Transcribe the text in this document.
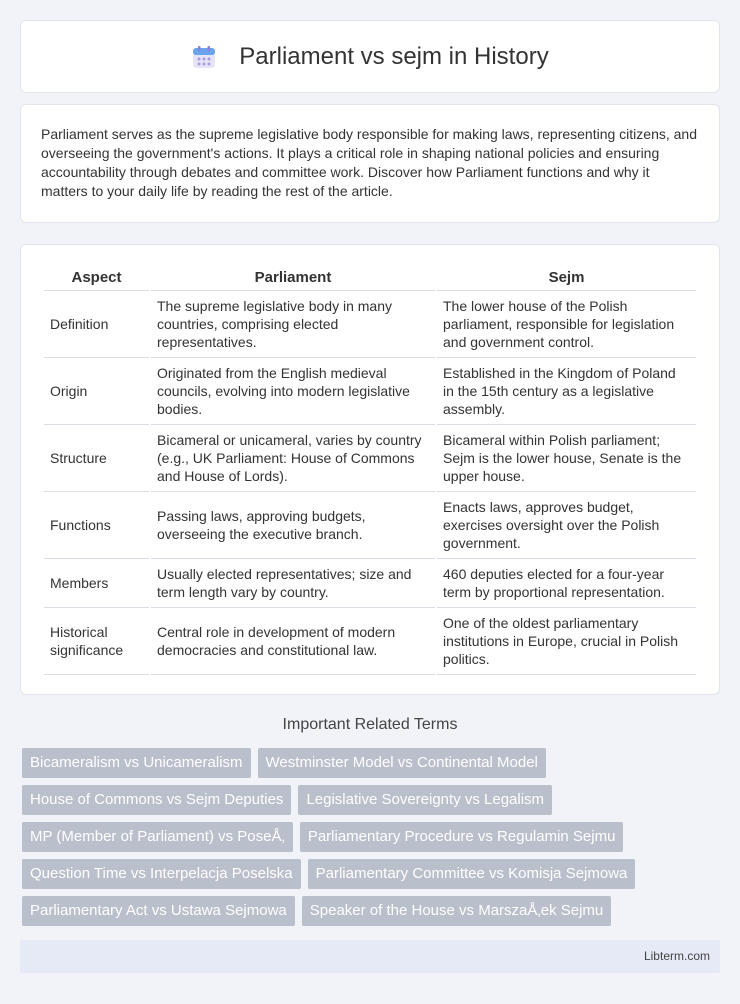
Parliament vs sejm in History

Parliament serves as the supreme legislative body responsible for making laws, representing citizens, and overseeing the government's actions. It plays a critical role in shaping national policies and ensuring accountability through debates and committee work. Discover how Parliament functions and why it matters to your daily life by reading the rest of the article.

Aspect	Parliament	Sejm
Definition	The supreme legislative body in many countries, comprising elected representatives.	The lower house of the Polish parliament, responsible for legislation and government control.
Origin	Originated from the English medieval councils, evolving into modern legislative bodies.	Established in the Kingdom of Poland in the 15th century as a legislative assembly.
Structure	Bicameral or unicameral, varies by country (e.g., UK Parliament: House of Commons and House of Lords).	Bicameral within Polish parliament; Sejm is the lower house, Senate is the upper house.
Functions	Passing laws, approving budgets, overseeing the executive branch.	Enacts laws, approves budget, exercises oversight over the Polish government.
Members	Usually elected representatives; size and term length vary by country.	460 deputies elected for a four-year term by proportional representation.
Historical significance	Central role in development of modern democracies and constitutional law.	One of the oldest parliamentary institutions in Europe, crucial in Polish politics.
Important Related Terms
Bicameralism vs Unicameralism	Westminster Model vs Continental Model
House of Commons vs Sejm Deputies	Legislative Sovereignty vs Legalism
MP (Member of Parliament) vs PoseÅ‚	Parliamentary Procedure vs Regulamin Sejmu
Question Time vs Interpelacja Poselska	Parliamentary Committee vs Komisja Sejmowa
Parliamentary Act vs Ustawa Sejmowa	Speaker of the House vs MarszaÅ‚ek Sejmu
Libterm.com
